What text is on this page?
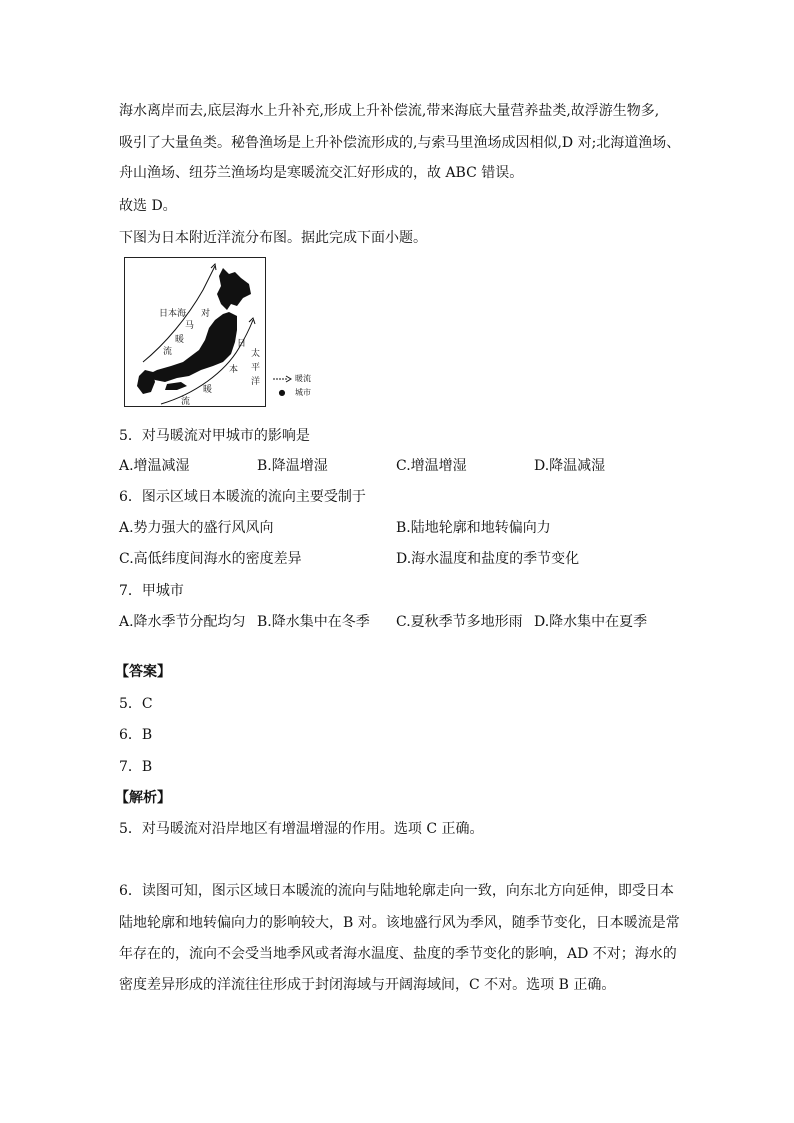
海水离岸而去,底层海水上升补充,形成上升补偿流,带来海底大量营养盐类,故浮游生物多,
吸引了大量鱼类。秘鲁渔场是上升补偿流形成的,与索马里渔场成因相似,D 对;北海道渔场、
舟山渔场、纽芬兰渔场均是寒暖流交汇好形成的，故 ABC 错误。
故选 D。
下图为日本附近洋流分布图。据此完成下面小题。
日本海 对
马
暖
流
日
本
暖
流
太
平
洋	暖流
●	城市
5．对马暖流对甲城市的影响是
A.增温减湿	B.降温增湿	C.增温增湿	D.降温减湿
6．图示区域日本暖流的流向主要受制于
A.势力强大的盛行风风向	B.陆地轮廓和地转偏向力
C.高低纬度间海水的密度差异	D.海水温度和盐度的季节变化
7．甲城市
A.降水季节分配均匀 B.降水集中在冬季 C.夏秋季节多地形雨 D.降水集中在夏季
【答案】
5．C
6．B
7．B
【解析】
5．对马暖流对沿岸地区有增温增湿的作用。选项 C 正确。
6．读图可知，图示区域日本暖流的流向与陆地轮廓走向一致，向东北方向延伸，即受日本
陆地轮廓和地转偏向力的影响较大，B 对。该地盛行风为季风，随季节变化，日本暖流是常
年存在的，流向不会受当地季风或者海水温度、盐度的季节变化的影响，AD 不对；海水的
密度差异形成的洋流往往形成于封闭海域与开阔海域间，C 不对。选项 B 正确。
